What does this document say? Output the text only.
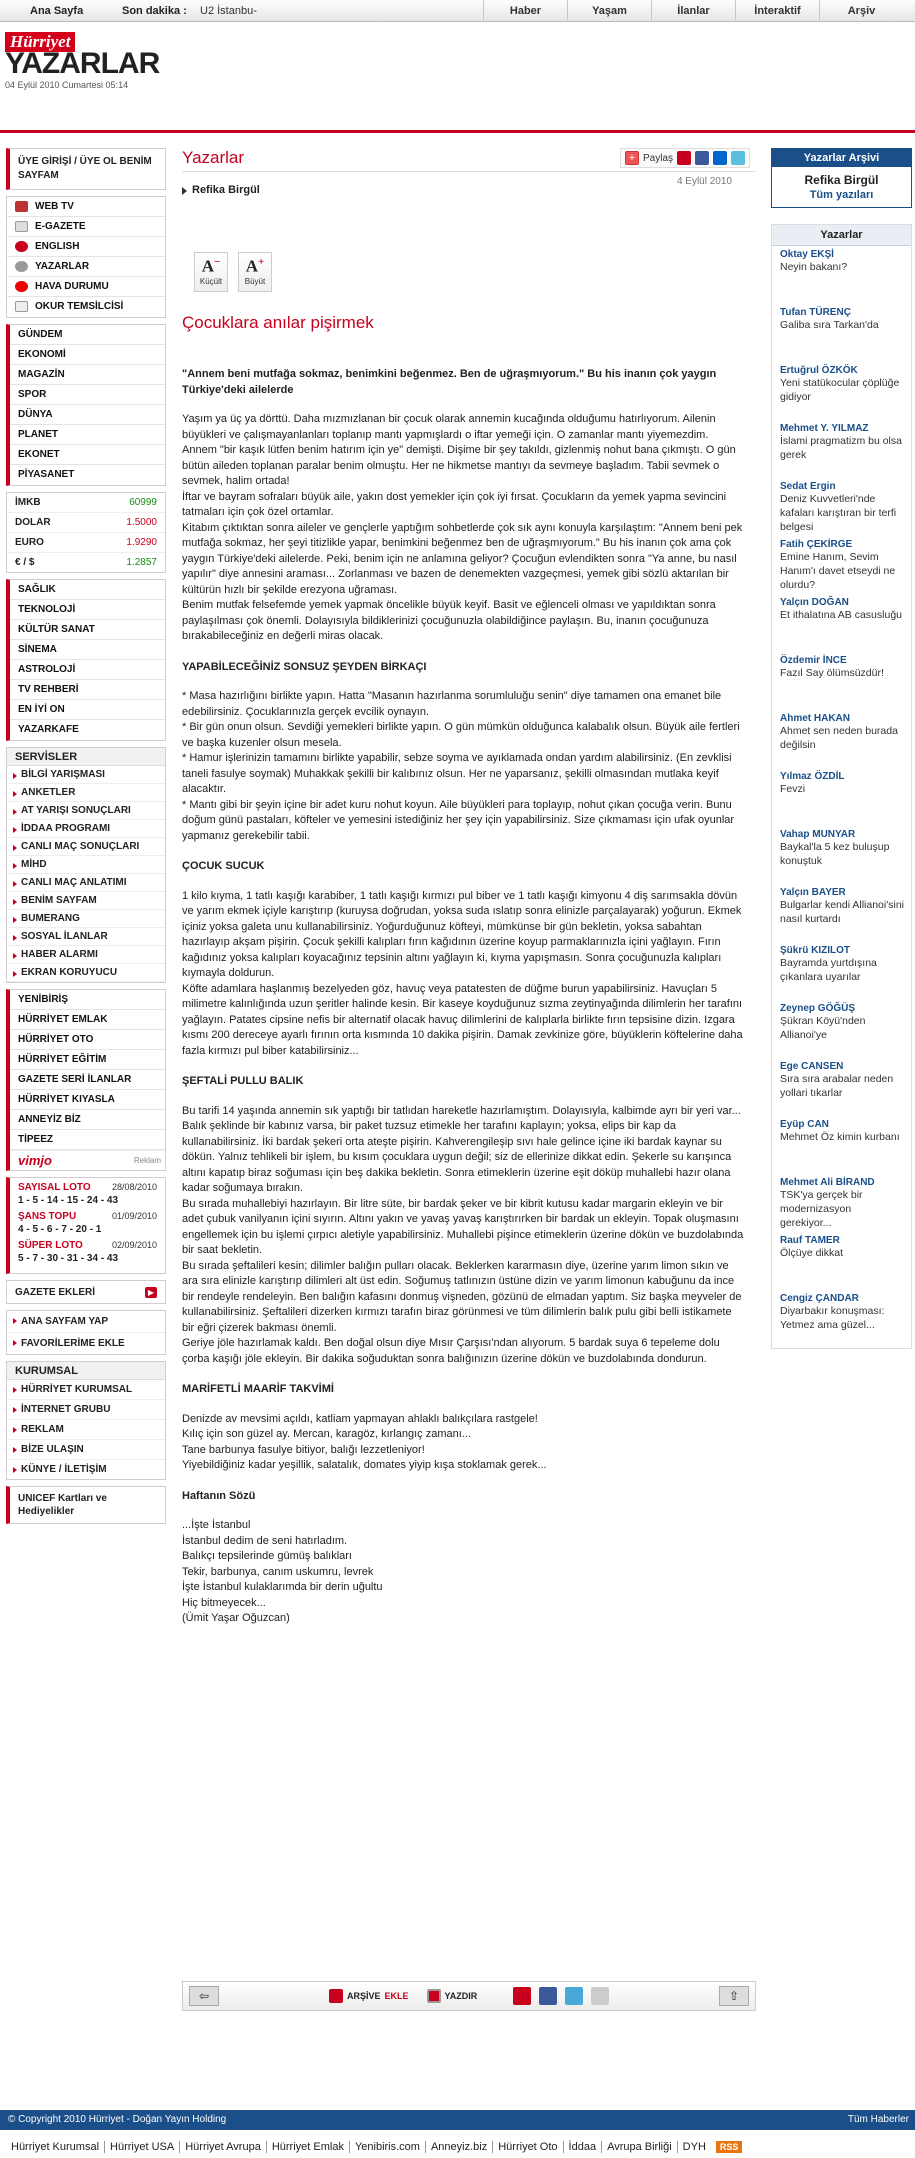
Ana Sayfa	Son dakika : U2 İstanbu-	Haber	Yaşam	İlanlar	İnteraktif	Arşiv
Hürriyet
YAZARLAR
04 Eylül 2010 Cumartesi 05:14
ÜYE GİRİŞİ / ÜYE OL BENİM SAYFAM
WEB TV
E-GAZETE
ENGLISH
YAZARLAR
HAVA DURUMU
OKUR TEMSİLCİSİ
GÜNDEM
EKONOMİ
MAGAZİN
SPOR
DÜNYA
PLANET
EKONET
PİYASANET
İMKB	60999
DOLAR	1.5000
EURO	1.9290
€ / $	1.2857
SAĞLIK
TEKNOLOJİ
KÜLTÜR SANAT
SİNEMA
ASTROLOJİ
TV REHBERİ
EN İYİ ON
YAZARKAFE
SERVİSLER
BİLGİ YARIŞMASI
ANKETLER
AT YARIŞI SONUÇLARI
İDDAA PROGRAMI
CANLI MAÇ SONUÇLARI
MİHD
CANLI MAÇ ANLATIMI
BENİM SAYFAM
BUMERANG
SOSYAL İLANLAR
HABER ALARMI
EKRAN KORUYUCU
YENİBİRİŞ
HÜRRİYET EMLAK
HÜRRİYET OTO
HÜRRİYET EĞİTİM
GAZETE SERİ İLANLAR
HÜRRİYET KIYASLA
ANNEYİZ BİZ
TİPEEZ
vimjo	Reklam
SAYISAL LOTO 28/08/2010
1 - 5 - 14 - 15 - 24 - 43
ŞANS TOPU	01/09/2010
4 - 5 - 6 - 7 - 20 - 1
SÜPER LOTO	02/09/2010
5 - 7 - 30 - 31 - 34 - 43
GAZETE EKLERİ	▶
ANA SAYFAM YAP
FAVORİLERİME EKLE
KURUMSAL
HÜRRİYET KURUMSAL
İNTERNET GRUBU
REKLAM
BİZE ULAŞIN
KÜNYE / İLETİŞİM
UNICEF Kartları ve Hediyelikler
Yazarlar	+ Paylaş
Refika Birgül
4 Eylül 2010
A−
Küçült
A+
Büyüt
Çocuklara anılar pişirmek
"Annem beni mutfağa sokmaz, benimkini beğenmez. Ben de uğraşmıyorum." Bu his inanın çok yaygın Türkiye'deki ailelerde

Yaşım ya üç ya dörttü. Daha mızmızlanan bir çocuk olarak annemin kucağında olduğumu hatırlıyorum. Ailenin büyükleri ve çalışmayanlanları toplanıp mantı yapmışlardı o iftar yemeği için. O zamanlar mantı yiyemezdim. Annem "bir kaşık lütfen benim hatırım için ye" demişti. Dişime bir şey takıldı, gizlenmiş nohut bana çıkmıştı. O gün bütün aileden toplanan paralar benim olmuştu. Her ne hikmetse mantıyı da sevmeye başladım. Tabii sevmek o sevmek, halim ortada!

İftar ve bayram sofraları büyük aile, yakın dost yemekler için çok iyi fırsat. Çocukların da yemek yapma sevincini tatmaları için çok özel ortamlar.

Kitabım çıktıktan sonra aileler ve gençlerle yaptığım sohbetlerde çok sık aynı konuyla karşılaştım: "Annem beni pek mutfağa sokmaz, her şeyi titizlikle yapar, benimkini beğenmez ben de uğraşmıyorum." Bu his inanın çok ama çok yaygın Türkiye'deki ailelerde. Peki, benim için ne anlamına geliyor? Çocuğun evlendikten sonra "Ya anne, bu nasıl yapılır" diye annesini araması... Zorlanması ve bazen de denemekten vazgeçmesi, yemek gibi sözlü aktarılan bir kültürün hızlı bir şekilde erezyona uğraması.

Benim mutfak felsefemde yemek yapmak öncelikle büyük keyif. Basit ve eğlenceli olması ve yapıldıktan sonra paylaşılması çok önemli. Dolayısıyla bildiklerinizi çocuğunuzla olabildiğince paylaşın. Bu, inanın çocuğunuza bırakabileceğiniz en değerli miras olacak.

YAPABİLECEĞİNİZ SONSUZ ŞEYDEN BİRKAÇI

* Masa hazırlığını birlikte yapın. Hatta "Masanın hazırlanma sorumluluğu senin" diye tamamen ona emanet bile edebilirsiniz. Çocuklarınızla gerçek evcilik oynayın.

* Bir gün onun olsun. Sevdiği yemekleri birlikte yapın. O gün mümkün olduğunca kalabalık olsun. Büyük aile fertleri ve başka kuzenler olsun mesela.

* Hamur işlerinizin tamamını birlikte yapabilir, sebze soyma ve ayıklamada ondan yardım alabilirsiniz. (En zevklisi taneli fasulye soymak) Muhakkak şekilli bir kalıbınız olsun. Her ne yaparsanız, şekilli olmasından mutlaka keyif alacaktır.

* Mantı gibi bir şeyin içine bir adet kuru nohut koyun. Aile büyükleri para toplayıp, nohut çıkan çocuğa verin. Bunu doğum günü pastaları, köfteler ve yemesini istediğiniz her şey için yapabilirsiniz. Size çıkmaması için ufak oyunlar yapmanız gerekebilir tabii.

ÇOCUK SUCUK

1 kilo kıyma, 1 tatlı kaşığı karabiber, 1 tatlı kaşığı kırmızı pul biber ve 1 tatlı kaşığı kimyonu 4 diş sarımsakla dövün ve yarım ekmek içiyle karıştırıp (kuruysa doğrudan, yoksa suda ıslatıp sonra elinizle parçalayarak) yoğurun. Ekmek içiniz yoksa galeta unu kullanabilirsiniz. Yoğurduğunuz köfteyi, mümkünse bir gün bekletin, yoksa sabahtan hazırlayıp akşam pişirin. Çocuk şekilli kalıpları fırın kağıdının üzerine koyup parmaklarınızla içini yağlayın. Fırın kağıdınız yoksa kalıpları koyacağınız tepsinin altını yağlayın ki, kıyma yapışmasın. Sonra çocuğunuzla kalıpları kıymayla doldurun.

Köfte adamlara haşlanmış bezelyeden göz, havuç veya patatesten de düğme burun yapabilirsiniz. Havuçları 5 milimetre kalınlığında uzun şeritler halinde kesin. Bir kaseye koyduğunuz sızma zeytinyağında dilimlerin her tarafını yağlayın. Patates cipsine nefis bir alternatif olacak havuç dilimlerini de kalıplarla birlikte fırın tepsisine dizin. Izgara kısmı 200 dereceye ayarlı fırının orta kısmında 10 dakika pişirin. Damak zevkinize göre, büyüklerin köftelerine daha fazla kırmızı pul biber katabilirsiniz...

ŞEFTALİ PULLU BALIK

Bu tarifi 14 yaşında annemin sık yaptığı bir tatlıdan hareketle hazırlamıştım. Dolayısıyla, kalbimde ayrı bir yeri var...

Balık şeklinde bir kabınız varsa, bir paket tuzsuz etimekle her tarafını kaplayın; yoksa, elips bir kap da kullanabilirsiniz. İki bardak şekeri orta ateşte pişirin. Kahverengileşip sıvı hale gelince içine iki bardak kaynar su dökün. Yalnız tehlikeli bir işlem, bu kısım çocuklara uygun değil; siz de ellerinize dikkat edin. Şekerle su karışınca altını kapatıp biraz soğuması için beş dakika bekletin. Sonra etimeklerin üzerine eşit döküp muhallebi hazır olana kadar soğumaya bırakın.

Bu sırada muhallebiyi hazırlayın. Bir litre süte, bir bardak şeker ve bir kibrit kutusu kadar margarin ekleyin ve bir adet çubuk vanilyanın içini sıyırın. Altını yakın ve yavaş yavaş karıştırırken bir bardak un ekleyin. Topak oluşmasını engellemek için bu işlemi çırpıcı aletiyle yapabilirsiniz. Muhallebi pişince etimeklerin üzerine dökün ve buzdolabında bir saat bekletin.

Bu sırada şeftalileri kesin; dilimler balığın pulları olacak. Beklerken kararmasın diye, üzerine yarım limon sıkın ve ara sıra elinizle karıştırıp dilimleri alt üst edin. Soğumuş tatlınızın üstüne dizin ve yarım limonun kabuğunu da ince bir rendeyle rendeleyin. Ben balığın kafasını donmuş vişneden, gözünü de elmadan yaptım. Siz başka meyveler de kullanabilirsiniz. Şeftalileri dizerken kırmızı tarafın biraz görünmesi ve tüm dilimlerin balık pulu gibi belli istikamete bir eğri çizerek bakması önemli.

Geriye jöle hazırlamak kaldı. Ben doğal olsun diye Mısır Çarşısı'ndan alıyorum. 5 bardak suya 6 tepeleme dolu çorba kaşığı jöle ekleyin. Bir dakika soğuduktan sonra balığınızın üzerine dökün ve buzdolabında dondurun.

MARİFETLİ MAARİF TAKVİMİ

Denizde av mevsimi açıldı, katliam yapmayan ahlaklı balıkçılara rastgele!

Kılıç için son güzel ay. Mercan, karagöz, kırlangıç zamanı...

Tane barbunya fasulye bitiyor, balığı lezzetleniyor!

Yiyebildiğiniz kadar yeşillik, salatalık, domates yiyip kışa stoklamak gerek...

Haftanın Sözü

...İşte İstanbul

İstanbul dedim de seni hatırladım.

Balıkçı tepsilerinde gümüş balıkları

Tekir, barbunya, canım uskumru, levrek

İşte İstanbul kulaklarımda bir derin uğultu

Hiç bitmeyecek...

(Ümit Yaşar Oğuzcan)

⇦	ARŞİVE EKLE	YAZDIR	⇧
Yazarlar Arşivi
Refika Birgül
Tüm yazıları
Yazarlar
Oktay EKŞİ
Neyin bakanı?
Tufan TÜRENÇ
Galiba sıra Tarkan'da
Ertuğrul ÖZKÖK
Yeni statükocular çöplüğe gidiyor
Mehmet Y. YILMAZ
İslami pragmatizm bu olsa gerek
Sedat Ergin
Deniz Kuvvetleri'nde kafaları karıştıran bir terfi belgesi
Fatih ÇEKİRGE
Emine Hanım, Sevim Hanım'ı davet etseydi ne olurdu?
Yalçın DOĞAN
Et ithalatına AB casusluğu
Özdemir İNCE
Fazıl Say ölümsüzdür!
Ahmet HAKAN
Ahmet sen neden burada değilsin
Yılmaz ÖZDİL
Fevzi
Vahap MUNYAR
Baykal'la 5 kez buluşup konuştuk
Yalçın BAYER
Bulgarlar kendi Allianoi'sini nasıl kurtardı
Şükrü KIZILOT
Bayramda yurtdışına çıkanlara uyarılar
Zeynep GÖĞÜŞ
Şükran Köyü'nden Allianoi'ye
Ege CANSEN
Sıra sıra arabalar neden yollari tıkarlar
Eyüp CAN
Mehmet Öz kimin kurbanı
Mehmet Ali BİRAND
TSK'ya gerçek bir modernizasyon gerekiyor...
Rauf TAMER
Ölçüye dikkat
Cengiz ÇANDAR
Diyarbakır konuşması: Yetmez ama güzel...
© Copyright 2010 Hürriyet - Doğan Yayın Holding	Tüm Haberler
Hürriyet Kurumsal	Hürriyet USA	Hürriyet Avrupa	Hürriyet Emlak	Yenibiris.com	Anneyiz.biz	Hürriyet Oto	İddaa	Avrupa Birliği	DYH	RSS
